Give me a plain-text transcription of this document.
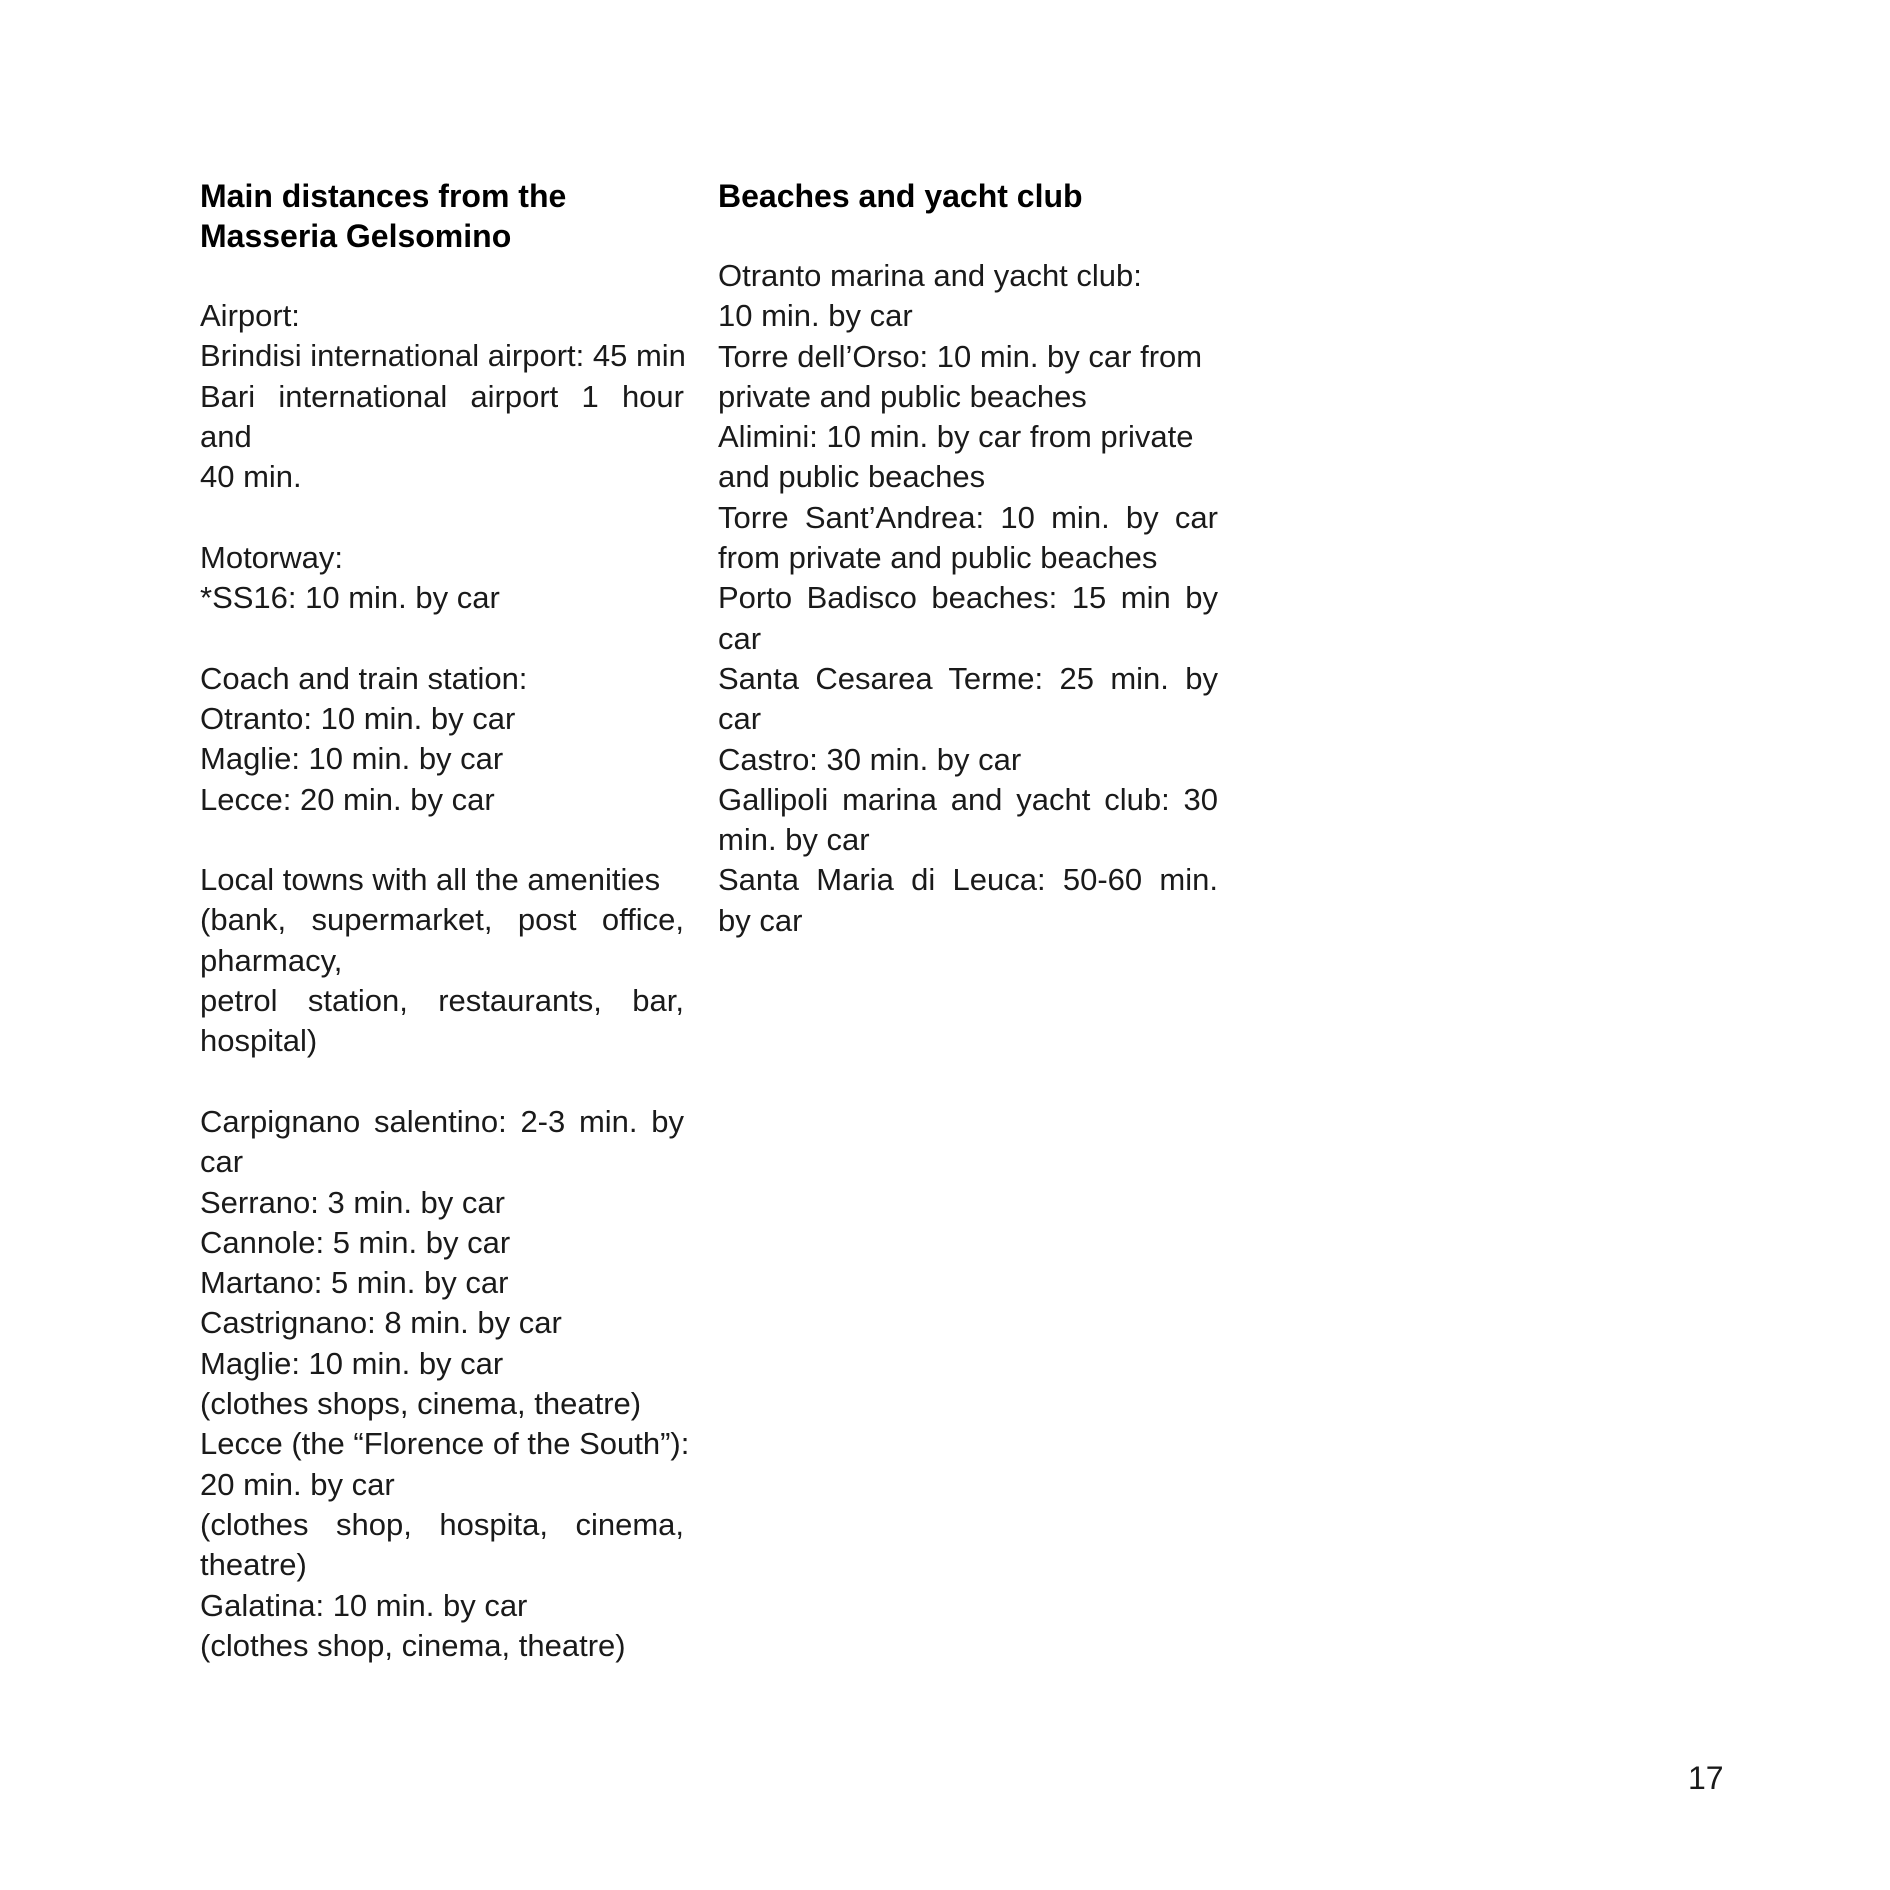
Main distances from the
Masseria Gelsomino
Airport:
Brindisi international airport: 45 min
Bari international airport 1 hour and
40 min.
Motorway:
*SS16: 10 min. by car
Coach and train station:
Otranto: 10 min. by car
Maglie: 10 min. by car
Lecce: 20 min. by car
Local towns with all the amenities
(bank, supermarket, post office,
pharmacy,
petrol station, restaurants, bar,
hospital)
Carpignano salentino: 2-3 min. by
car
Serrano: 3 min. by car
Cannole: 5 min. by car
Martano: 5 min. by car
Castrignano: 8 min. by car
Maglie: 10 min. by car
(clothes shops, cinema, theatre)
Lecce (the “Florence of the South”):
20 min. by car
(clothes shop, hospita, cinema,
theatre)
Galatina: 10 min. by car
(clothes shop, cinema, theatre)
Beaches and yacht club
Otranto marina and yacht club:
10 min. by car
Torre dell’Orso: 10 min. by car from
private and public beaches
Alimini: 10 min. by car from private
and public beaches
Torre Sant’Andrea: 10 min. by car
from private and public beaches
Porto Badisco beaches: 15 min by
car
Santa Cesarea Terme: 25 min. by
car
Castro: 30 min. by car
Gallipoli marina and yacht club: 30
min. by car
Santa Maria di Leuca: 50-60 min.
by car
17
